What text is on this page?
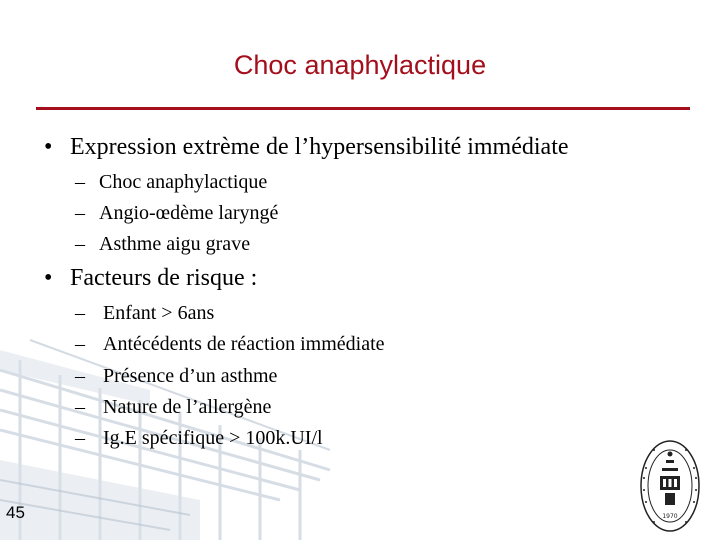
Choc anaphylactique
• Expression extrème de l’hypersensibilité immédiate
– Choc anaphylactique
– Angio-œdème laryngé
– Asthme aigu grave
• Facteurs de risque :
– Enfant > 6ans
– Antécédents de réaction immédiate
– Présence d’un asthme
– Nature de l’allergène
– Ig.E spécifique > 100k.UI/l
45	1970
